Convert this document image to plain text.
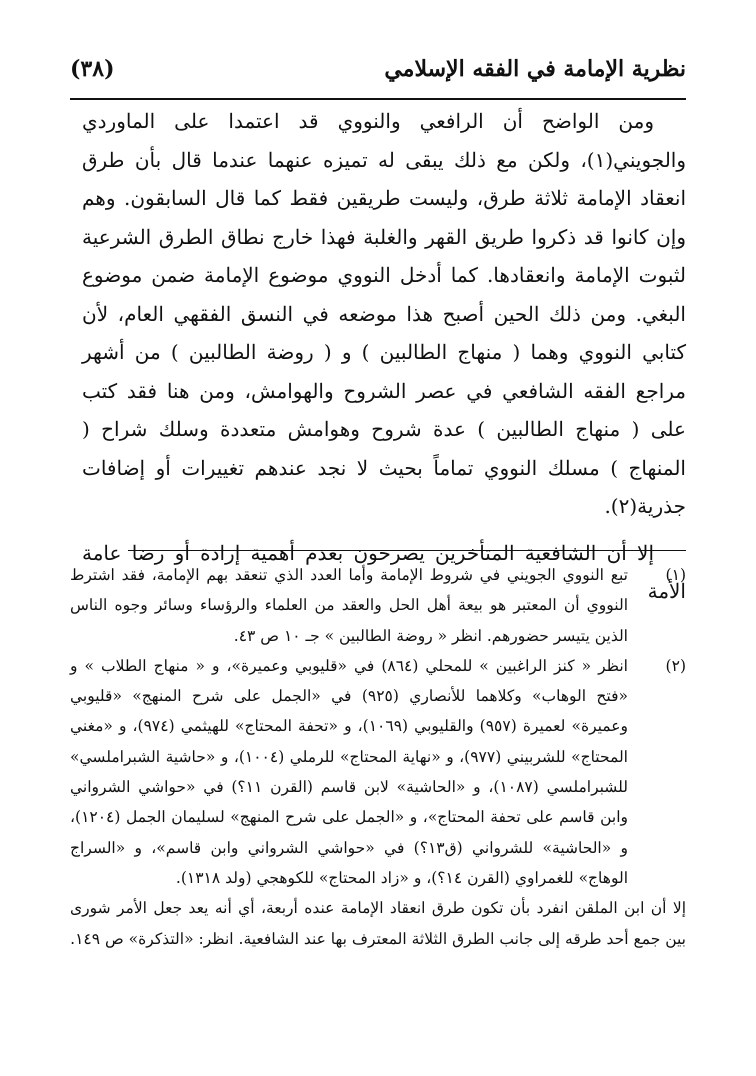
نظرية الإمامة في الفقه الإسلامي
(٣٨)

ومن الواضح أن الرافعي والنووي قد اعتمدا على الماوردي والجويني(١)، ولكن مع ذلك يبقى له تميزه عنهما عندما قال بأن طرق انعقاد الإمامة ثلاثة طرق، وليست طريقين فقط كما قال السابقون. وهم وإن كانوا قد ذكروا طريق القهر والغلبة فهذا خارج نطاق الطرق الشرعية لثبوت الإمامة وانعقادها. كما أدخل النووي موضوع الإمامة ضمن موضوع البغي. ومن ذلك الحين أصبح هذا موضعه في النسق الفقهي العام، لأن كتابي النووي وهما ( منهاج الطالبين ) و ( روضة الطالبين ) من أشهر مراجع الفقه الشافعي في عصر الشروح والهوامش، ومن هنا فقد كتب على ( منهاج الطالبين ) عدة شروح وهوامش متعددة وسلك شراح ( المنهاج ) مسلك النووي تماماً بحيث لا نجد عندهم تغييرات أو إضافات جذرية(٢).

إلا أن الشافعية المتأخرين يصرحون بعدم أهمية إرادة أو رضا عامة الأمة

(١)

تبع النووي الجويني في شروط الإمامة وأما العدد الذي تنعقد بهم الإمامة، فقد اشترط النووي أن المعتبر هو بيعة أهل الحل والعقد من العلماء والرؤساء وسائر وجوه الناس الذين يتيسر حضورهم. انظر « روضة الطالبين » جـ ١٠ ص ٤٣.

(٢)

انظر « كنز الراغبين » للمحلي (٨٦٤) في «قليوبي وعميرة»، و « منهاج الطلاب » و «فتح الوهاب» وكلاهما للأنصاري (٩٢٥) في «الجمل على شرح المنهج» «قليوبي وعميرة» لعميرة (٩٥٧) والقليوبي (١٠٦٩)، و «تحفة المحتاج» للهيثمي (٩٧٤)، و «مغني المحتاج» للشربيني (٩٧٧)، و «نهاية المحتاج» للرملي (١٠٠٤)، و «حاشية الشبراملسي» للشبراملسي (١٠٨٧)، و «الحاشية» لابن قاسم (القرن ١١؟) في «حواشي الشرواني وابن قاسم على تحفة المحتاج»، و «الجمل على شرح المنهج» لسليمان الجمل (١٢٠٤)، و «الحاشية» للشرواني (ق١٣؟) في «حواشي الشرواني وابن قاسم»، و «السراج الوهاج» للغمراوي (القرن ١٤؟)، و «زاد المحتاج» للكوهجي (ولد ١٣١٨).

إلا أن ابن الملقن انفرد بأن تكون طرق انعقاد الإمامة عنده أربعة، أي أنه يعد جعل الأمر شورى بين جمع أحد طرقه إلى جانب الطرق الثلاثة المعترف بها عند الشافعية. انظر: «التذكرة» ص ١٤٩.
